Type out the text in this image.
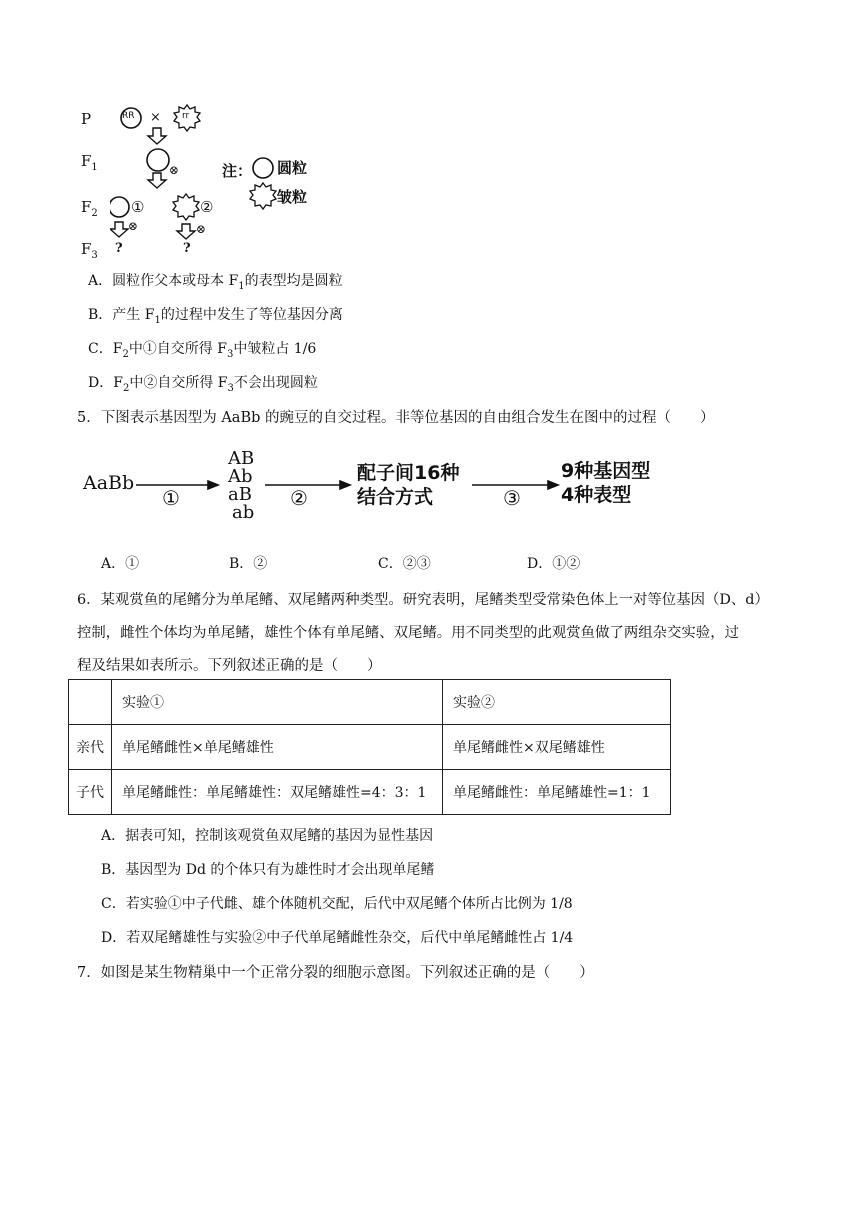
P
$F_1$
$F_2$
$F_3$
RR × rr
⊗
①	②
⊗	⊗
?	?
注： 圆粒
皱粒
A．圆粒作父本或母本 $F_1$的表型均是圆粒
B．产生 $F_1$的过程中发生了等位基因分离
C．$F_2$中①自交所得 $F_3$中皱粒占 1/6
D．$F_2$中②自交所得 $F_3$不会出现圆粒
5．下图表示基因型为 AaBb 的豌豆的自交过程。非等位基因的自由组合发生在图中的过程（　　）
AaBb
①
AB
Ab
aB
ab
②
配子间16种
结合方式	③
9种基因型
4种表型
A．①	B．②	C．②③	D．①②
6．某观赏鱼的尾鳍分为单尾鳍、双尾鳍两种类型。研究表明，尾鳍类型受常染色体上一对等位基因（D、d）
控制，雌性个体均为单尾鳍，雄性个体有单尾鳍、双尾鳍。用不同类型的此观赏鱼做了两组杂交实验，过
程及结果如表所示。下列叙述正确的是（　　）
	实验①	实验②
亲代	单尾鳍雌性×单尾鳍雄性	单尾鳍雌性×双尾鳍雄性
子代	单尾鳍雌性：单尾鳍雄性：双尾鳍雄性=4：3：1	单尾鳍雌性：单尾鳍雄性=1：1
A．据表可知，控制该观赏鱼双尾鳍的基因为显性基因
B．基因型为 Dd 的个体只有为雄性时才会出现单尾鳍
C．若实验①中子代雌、雄个体随机交配，后代中双尾鳍个体所占比例为 1/8
D．若双尾鳍雄性与实验②中子代单尾鳍雌性杂交，后代中单尾鳍雌性占 1/4
7．如图是某生物精巢中一个正常分裂的细胞示意图。下列叙述正确的是（　　）
